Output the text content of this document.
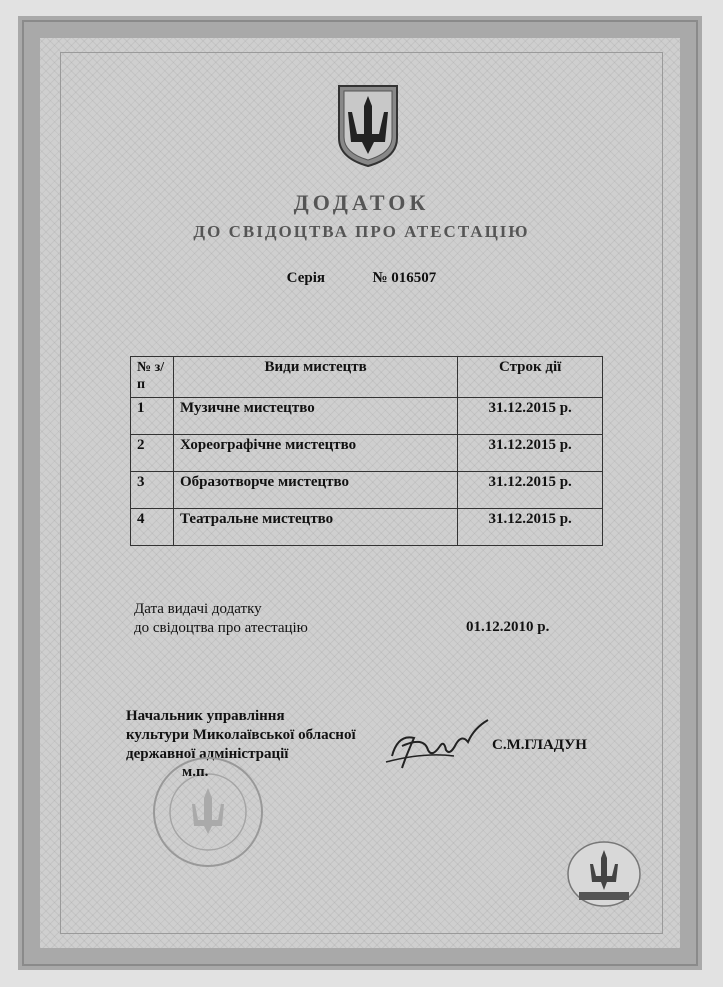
ДОДАТОК
ДО СВІДОЦТВА ПРО АТЕСТАЦІЮ
Серія	№ 016507
№ з/п	Види мистецтв	Строк дії
1	Музичне мистецтво	31.12.2015 р.
2	Хореографічне мистецтво	31.12.2015 р.
3	Образотворче мистецтво	31.12.2015 р.
4	Театральне мистецтво	31.12.2015 р.
Дата видачі додатку
до свідоцтва про атестацію	01.12.2010 р.
Начальник управління
культури Миколаївської обласної
державної адміністрації
м.п.
С.М.ГЛАДУН
